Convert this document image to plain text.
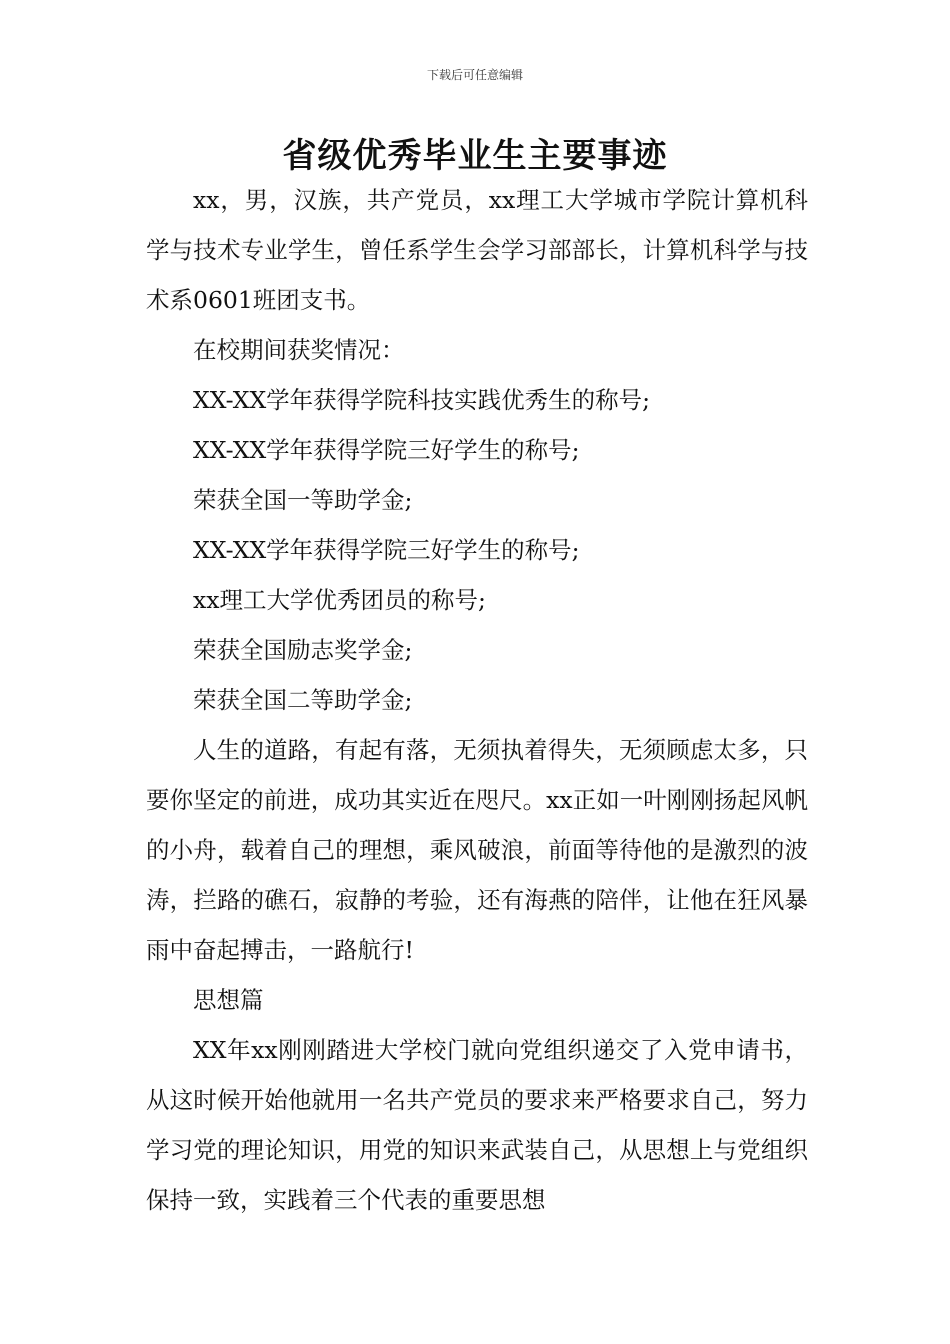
下载后可任意编辑
省级优秀毕业生主要事迹

xx，男，汉族，共产党员，xx理工大学城市学院计算机科学与技术专业学生，曾任系学生会学习部部长，计算机科学与技术系0601班团支书。

在校期间获奖情况：

XX-XX学年获得学院科技实践优秀生的称号;

XX-XX学年获得学院三好学生的称号;

荣获全国一等助学金;

XX-XX学年获得学院三好学生的称号;

xx理工大学优秀团员的称号;

荣获全国励志奖学金;

荣获全国二等助学金;

人生的道路，有起有落，无须执着得失，无须顾虑太多，只要你坚定的前进，成功其实近在咫尺。xx正如一叶刚刚扬起风帆的小舟，载着自己的理想，乘风破浪，前面等待他的是激烈的波涛，拦路的礁石，寂静的考验，还有海燕的陪伴，让他在狂风暴雨中奋起搏击，一路航行!

思想篇

XX年xx刚刚踏进大学校门就向党组织递交了入党申请书，从这时候开始他就用一名共产党员的要求来严格要求自己，努力学习党的理论知识，用党的知识来武装自己，从思想上与党组织保持一致，实践着三个代表的重要思想
